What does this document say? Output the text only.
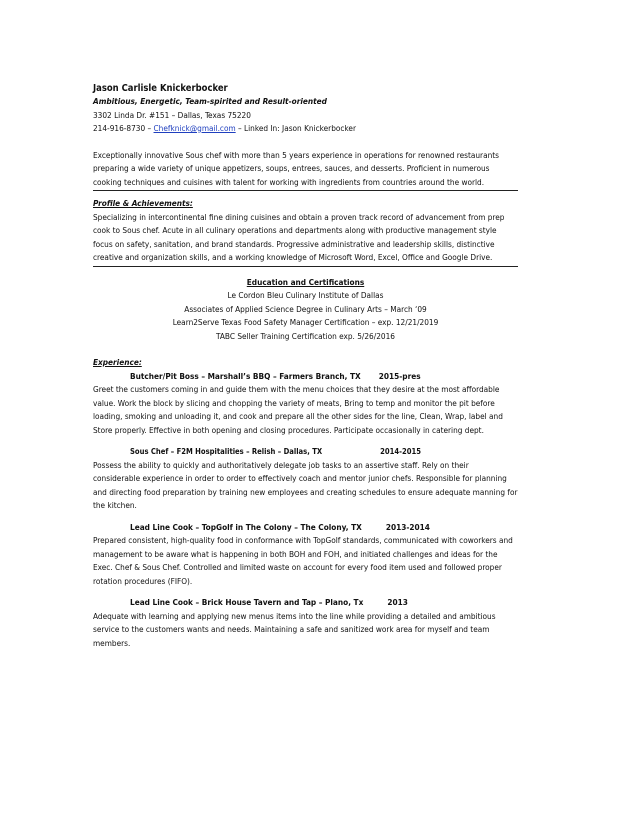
Jason Carlisle Knickerbocker
Ambitious, Energetic, Team-spirited and Result-oriented
3302 Linda Dr. #151 – Dallas, Texas 75220
214-916-8730 – Chefknick@gmail.com – Linked In: Jason Knickerbocker

Exceptionally innovative Sous chef with more than 5 years experience in operations for renowned restaurants preparing a wide variety of unique appetizers, soups, entrees, sauces, and desserts. Proficient in numerous cooking techniques and cuisines with talent for working with ingredients from countries around the world.

Profile & Achievements:

Specializing in intercontinental fine dining cuisines and obtain a proven track record of advancement from prep cook to Sous chef. Acute in all culinary operations and departments along with productive management style focus on safety, sanitation, and brand standards. Progressive administrative and leadership skills, distinctive creative and organization skills, and a working knowledge of Microsoft Word, Excel, Office and Google Drive.

Education and Certifications
Le Cordon Bleu Culinary Institute of Dallas
Associates of Applied Science Degree in Culinary Arts – March ‘09
Learn2Serve Texas Food Safety Manager Certification – exp. 12/21/2019
TABC Seller Training Certification exp. 5/26/2016
Experience:
Butcher/Pit Boss – Marshall’s BBQ – Farmers Branch, TX 2015-pres

Greet the customers coming in and guide them with the menu choices that they desire at the most affordable value. Work the block by slicing and chopping the variety of meats, Bring to temp and monitor the pit before loading, smoking and unloading it, and cook and prepare all the other sides for the line, Clean, Wrap, label and Store properly. Effective in both opening and closing procedures. Participate occasionally in catering dept.

Sous Chef – F2M Hospitalities – Relish – Dallas, TX	2014-2015

Possess the ability to quickly and authoritatively delegate job tasks to an assertive staff. Rely on their considerable experience in order to order to effectively coach and mentor junior chefs. Responsible for planning and directing food preparation by training new employees and creating schedules to ensure adequate manning for the kitchen.

Lead Line Cook – TopGolf in The Colony – The Colony, TX	2013-2014

Prepared consistent, high-quality food in conformance with TopGolf standards, communicated with coworkers and management to be aware what is happening in both BOH and FOH, and initiated challenges and ideas for the Exec. Chef & Sous Chef. Controlled and limited waste on account for every food item used and followed proper rotation procedures (FIFO).

Lead Line Cook – Brick House Tavern and Tap – Plano, Tx	2013

Adequate with learning and applying new menus items into the line while providing a detailed and ambitious service to the customers wants and needs. Maintaining a safe and sanitized work area for myself and team members.
